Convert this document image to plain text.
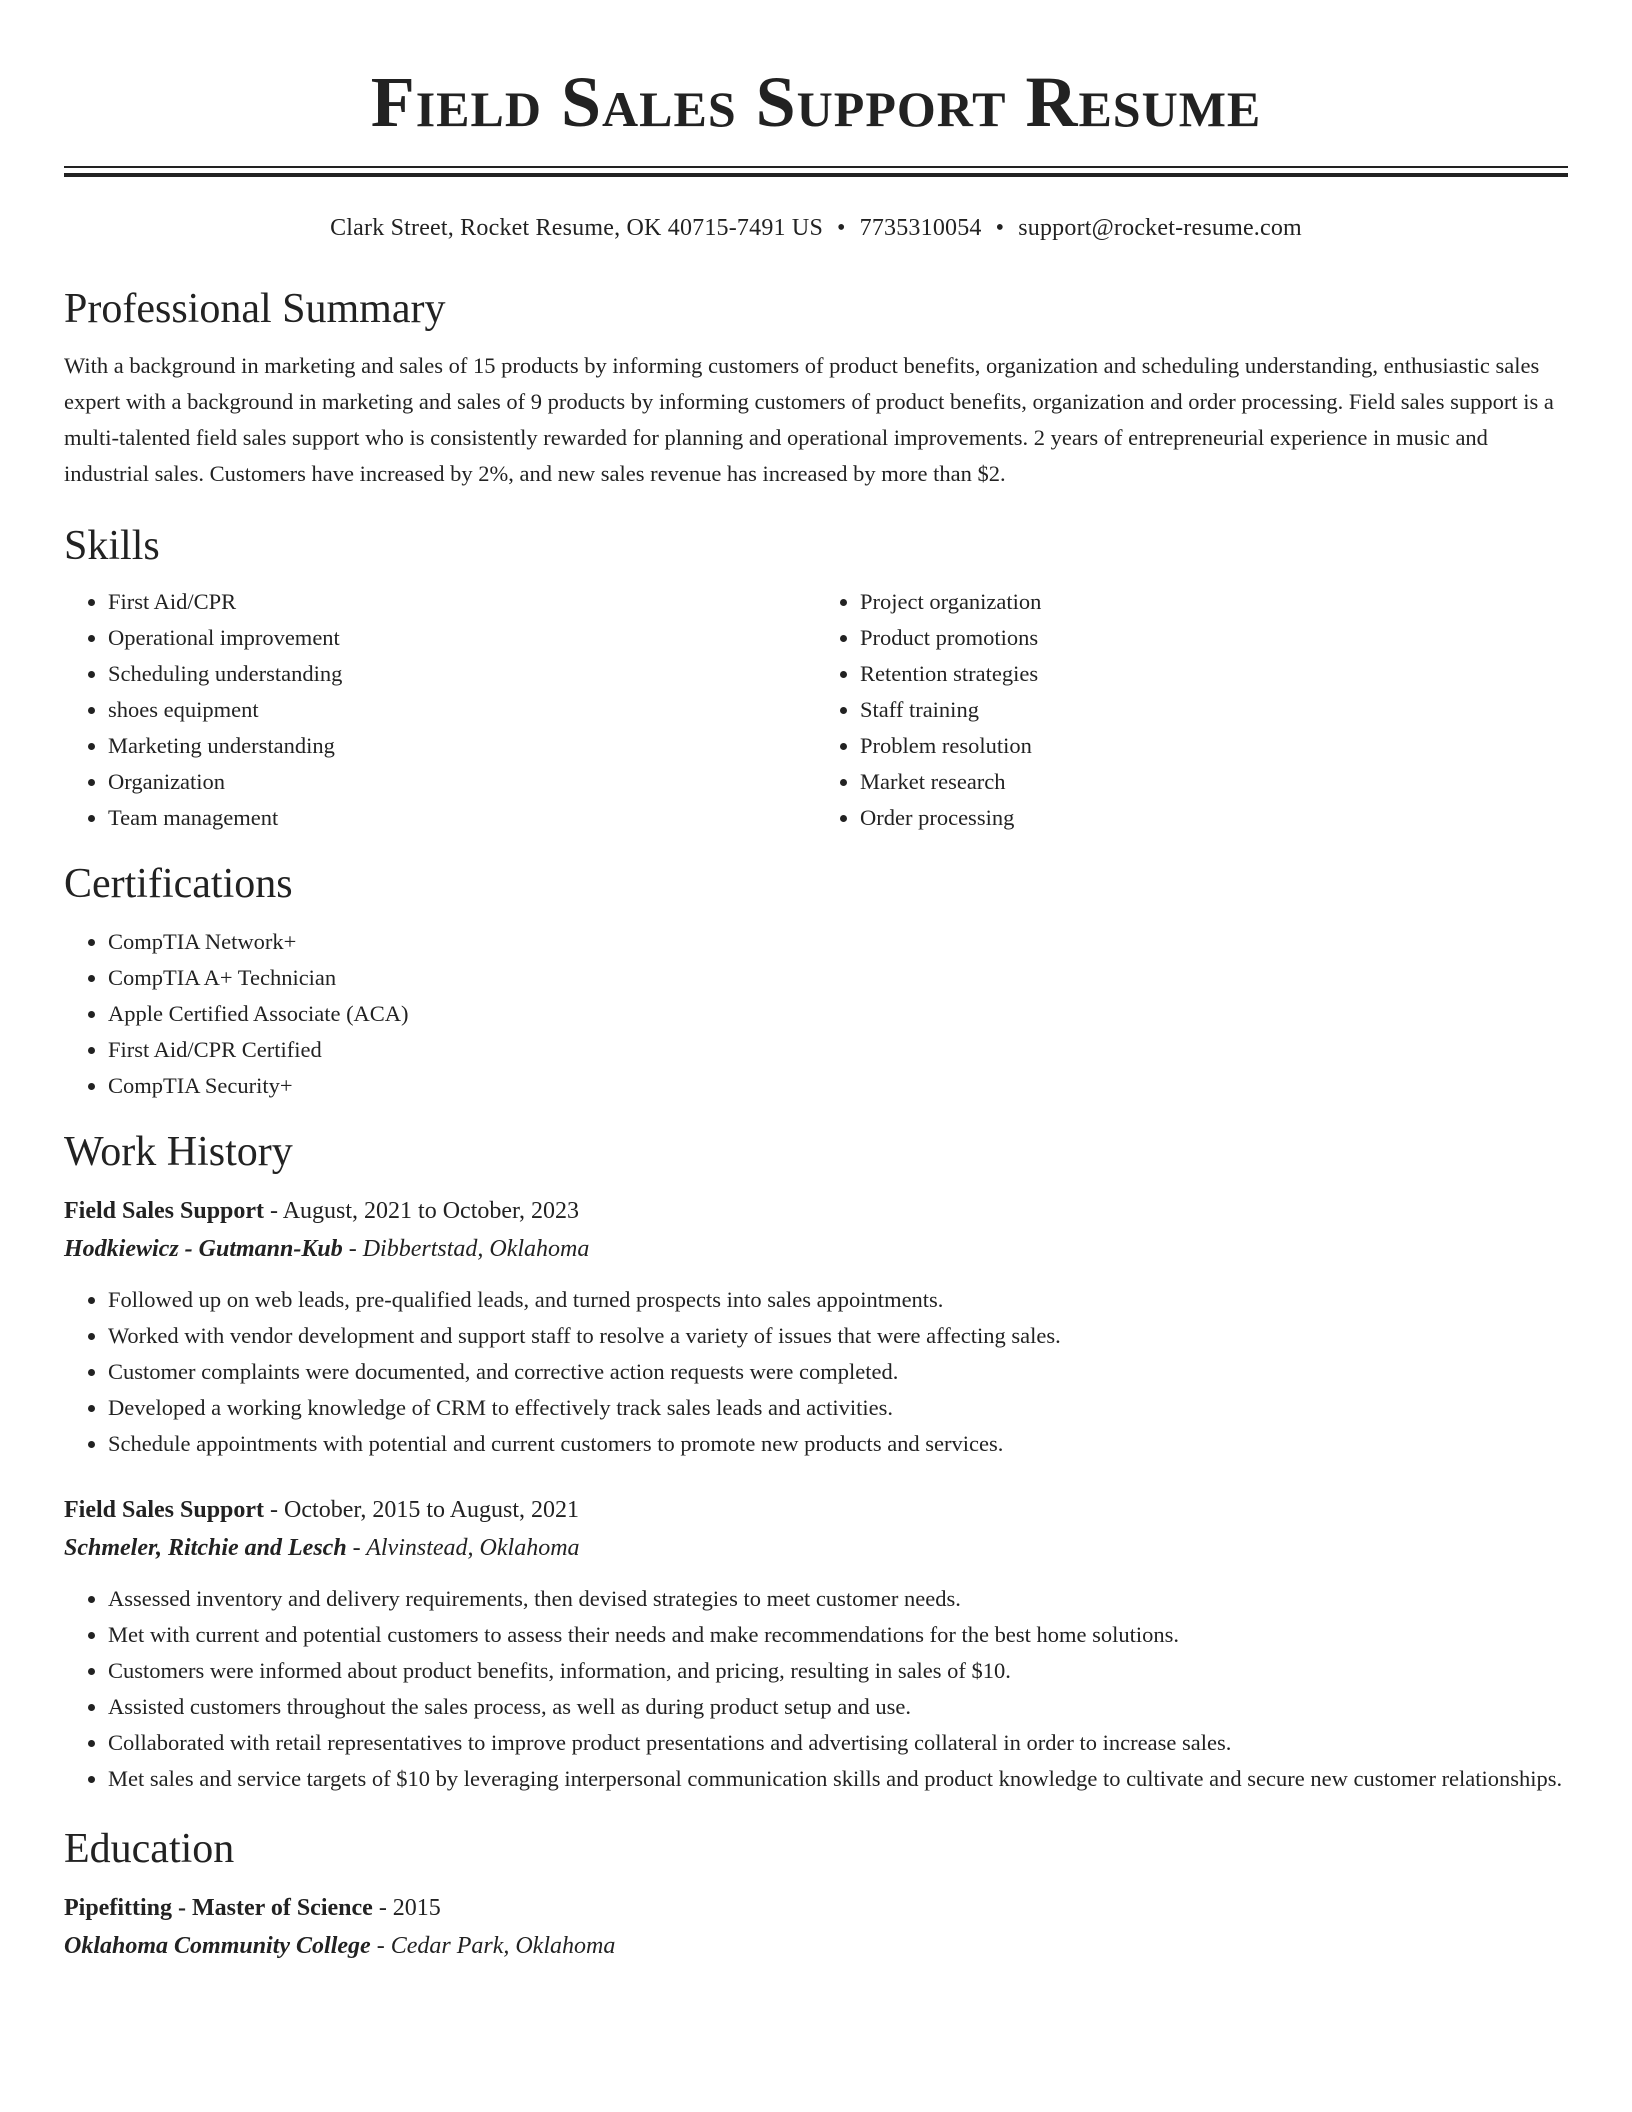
Field Sales Support Resume
Clark Street, Rocket Resume, OK 40715-7491 US • 7735310054 • support@rocket-resume.com
Professional Summary

With a background in marketing and sales of 15 products by informing customers of product benefits, organization and scheduling understanding, enthusiastic sales expert with a background in marketing and sales of 9 products by informing customers of product benefits, organization and order processing. Field sales support is a multi-talented field sales support who is consistently rewarded for planning and operational improvements. 2 years of entrepreneurial experience in music and industrial sales. Customers have increased by 2%, and new sales revenue has increased by more than $2.

Skills
• First Aid/CPR
• Operational improvement
• Scheduling understanding
• shoes equipment
• Marketing understanding
• Organization
• Team management
• Project organization
• Product promotions
• Retention strategies
• Staff training
• Problem resolution
• Market research
• Order processing
Certifications
• CompTIA Network+
• CompTIA A+ Technician
• Apple Certified Associate (ACA)
• First Aid/CPR Certified
• CompTIA Security+
Work History
Field Sales Support - August, 2021 to October, 2023
Hodkiewicz - Gutmann-Kub - Dibbertstad, Oklahoma
• Followed up on web leads, pre-qualified leads, and turned prospects into sales appointments.
• Worked with vendor development and support staff to resolve a variety of issues that were affecting sales.
• Customer complaints were documented, and corrective action requests were completed.
• Developed a working knowledge of CRM to effectively track sales leads and activities.
• Schedule appointments with potential and current customers to promote new products and services.
Field Sales Support - October, 2015 to August, 2021
Schmeler, Ritchie and Lesch - Alvinstead, Oklahoma
• Assessed inventory and delivery requirements, then devised strategies to meet customer needs.
• Met with current and potential customers to assess their needs and make recommendations for the best home solutions.
• Customers were informed about product benefits, information, and pricing, resulting in sales of $10.
• Assisted customers throughout the sales process, as well as during product setup and use.
• Collaborated with retail representatives to improve product presentations and advertising collateral in order to increase sales.
• Met sales and service targets of $10 by leveraging interpersonal communication skills and product knowledge to cultivate and secure new customer relationships.
Education
Pipefitting - Master of Science - 2015
Oklahoma Community College - Cedar Park, Oklahoma
